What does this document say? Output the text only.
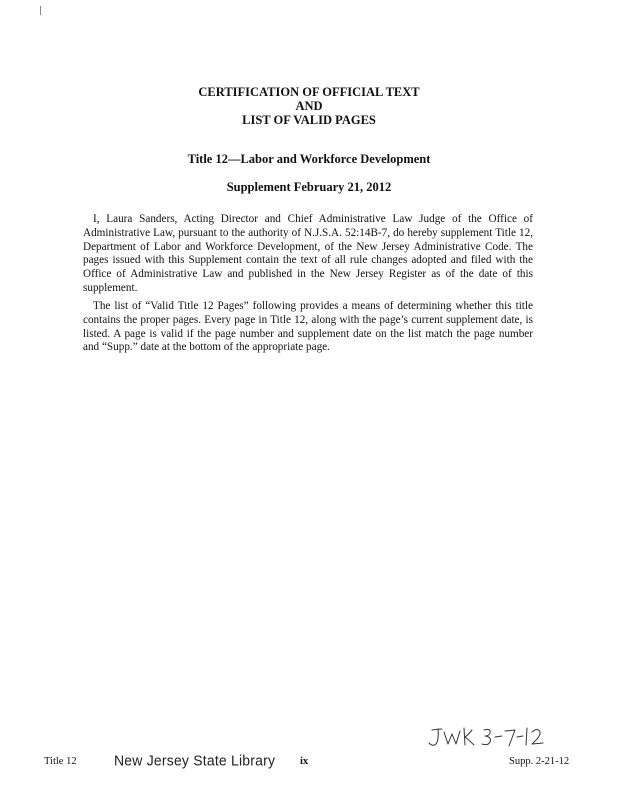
CERTIFICATION OF OFFICIAL TEXT
AND
LIST OF VALID PAGES
Title 12—Labor and Workforce Development
Supplement February 21, 2012

I, Laura Sanders, Acting Director and Chief Administrative Law Judge of the Office of Administrative Law, pursuant to the authority of N.J.S.A. 52:14B-7, do hereby supplement Title 12, Department of Labor and Workforce Development, of the New Jersey Administrative Code. The pages issued with this Supplement contain the text of all rule changes adopted and filed with the Office of Administrative Law and published in the New Jersey Register as of the date of this supplement.

The list of “Valid Title 12 Pages” following provides a means of determining whether this title contains the proper pages. Every page in Title 12, along with the page’s current supplement date, is listed. A page is valid if the page number and supplement date on the list match the page number and “Supp.” date at the bottom of the appropriate page.

Title 12	New Jersey State Library ix	Supp. 2-21-12
